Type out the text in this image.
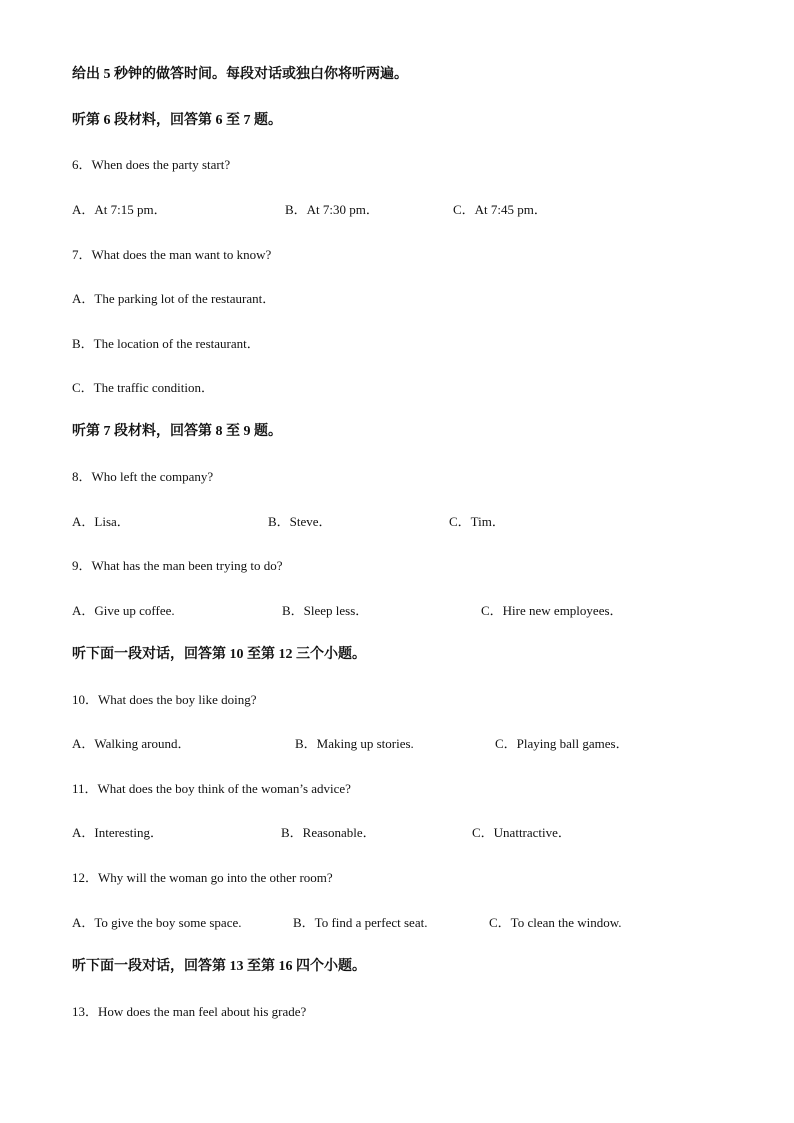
给出 5 秒钟的做答时间。每段对话或独白你将听两遍。
听第 6 段材料，回答第 6 至 7 题。
6．When does the party start?
A．At 7:15 pm．	B．At 7:30 pm．	C．At 7:45 pm．
7．What does the man want to know?
A．The parking lot of the restaurant．
B．The location of the restaurant．
C．The traffic condition．
听第 7 段材料，回答第 8 至 9 题。
8．Who left the company?
A．Lisa．	B．Steve．	C．Tim．
9．What has the man been trying to do?
A．Give up coffee.	B．Sleep less．	C．Hire new employees．
听下面一段对话，回答第 10 至第 12 三个小题。
10．What does the boy like doing?
A．Walking around．	B．Making up stories.	C．Playing ball games．
11．What does the boy think of the woman’s advice?
A．Interesting．	B．Reasonable．	C．Unattractive．
12．Why will the woman go into the other room?
A．To give the boy some space.	B．To find a perfect seat.	C．To clean the window.
听下面一段对话，回答第 13 至第 16 四个小题。
13．How does the man feel about his grade?
